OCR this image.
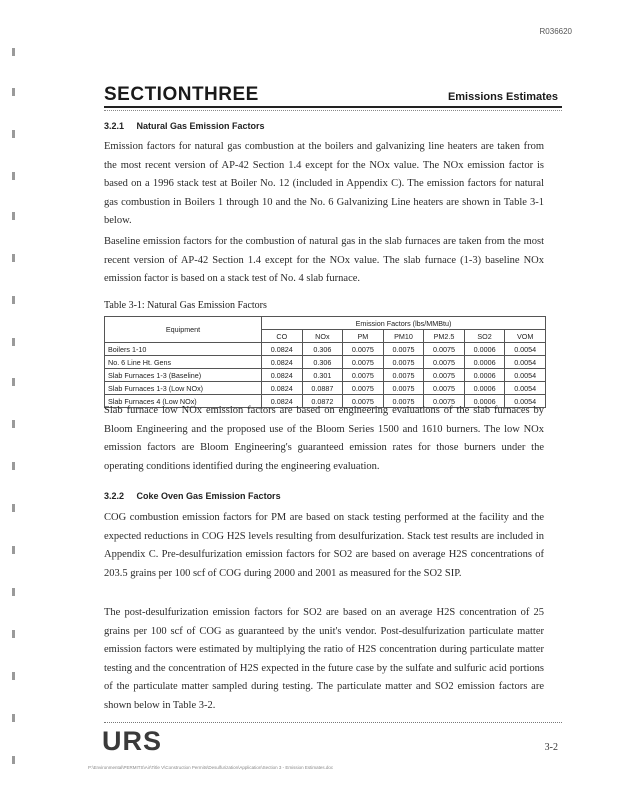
R036620
SECTIONTHREE	Emissions Estimates
3.2.1 Natural Gas Emission Factors

Emission factors for natural gas combustion at the boilers and galvanizing line heaters are taken from the most recent version of AP-42 Section 1.4 except for the NOx value. The NOx emission factor is based on a 1996 stack test at Boiler No. 12 (included in Appendix C). The emission factors for natural gas combustion in Boilers 1 through 10 and the No. 6 Galvanizing Line heaters are shown in Table 3-1 below.

Baseline emission factors for the combustion of natural gas in the slab furnaces are taken from the most recent version of AP-42 Section 1.4 except for the NOx value. The slab furnace (1-3) baseline NOx emission factor is based on a stack test of No. 4 slab furnace.

Table 3-1: Natural Gas Emission Factors
Equipment	Emission Factors (lbs/MMBtu)						
	CO	NOx	PM	PM10	PM2.5	SO2	VOM
Boilers 1-10	0.0824	0.306	0.0075	0.0075	0.0075	0.0006	0.0054
No. 6 Line Ht. Gens	0.0824	0.306	0.0075	0.0075	0.0075	0.0006	0.0054
Slab Furnaces 1-3 (Baseline)	0.0824	0.301	0.0075	0.0075	0.0075	0.0006	0.0054
Slab Furnaces 1-3 (Low NOx)	0.0824	0.0887	0.0075	0.0075	0.0075	0.0006	0.0054
Slab Furnaces 4 (Low NOx)	0.0824	0.0872	0.0075	0.0075	0.0075	0.0006	0.0054

Slab furnace low NOx emission factors are based on engineering evaluations of the slab furnaces by Bloom Engineering and the proposed use of the Bloom Series 1500 and 1610 burners. The low NOx emission factors are Bloom Engineering's guaranteed emission rates for those burners under the operating conditions identified during the engineering evaluation.

3.2.2 Coke Oven Gas Emission Factors

COG combustion emission factors for PM are based on stack testing performed at the facility and the expected reductions in COG H2S levels resulting from desulfurization. Stack test results are included in Appendix C. Pre-desulfurization emission factors for SO2 are based on average H2S concentrations of 203.5 grains per 100 scf of COG during 2000 and 2001 as measured for the SO2 SIP.

The post-desulfurization emission factors for SO2 are based on an average H2S concentration of 25 grains per 100 scf of COG as guaranteed by the unit's vendor. Post-desulfurization particulate matter emission factors were estimated by multiplying the ratio of H2S concentration during particulate matter testing and the concentration of H2S expected in the future case by the sulfate and sulfuric acid portions of the particulate matter sampled during testing. The particulate matter and SO2 emission factors are shown below in Table 3-2.

URS	3-2
P:\Environmental\PERMITS\Air\Title V\Construction Permits\Desulfurization\Application\Section 3 - Emission Estimates.doc
